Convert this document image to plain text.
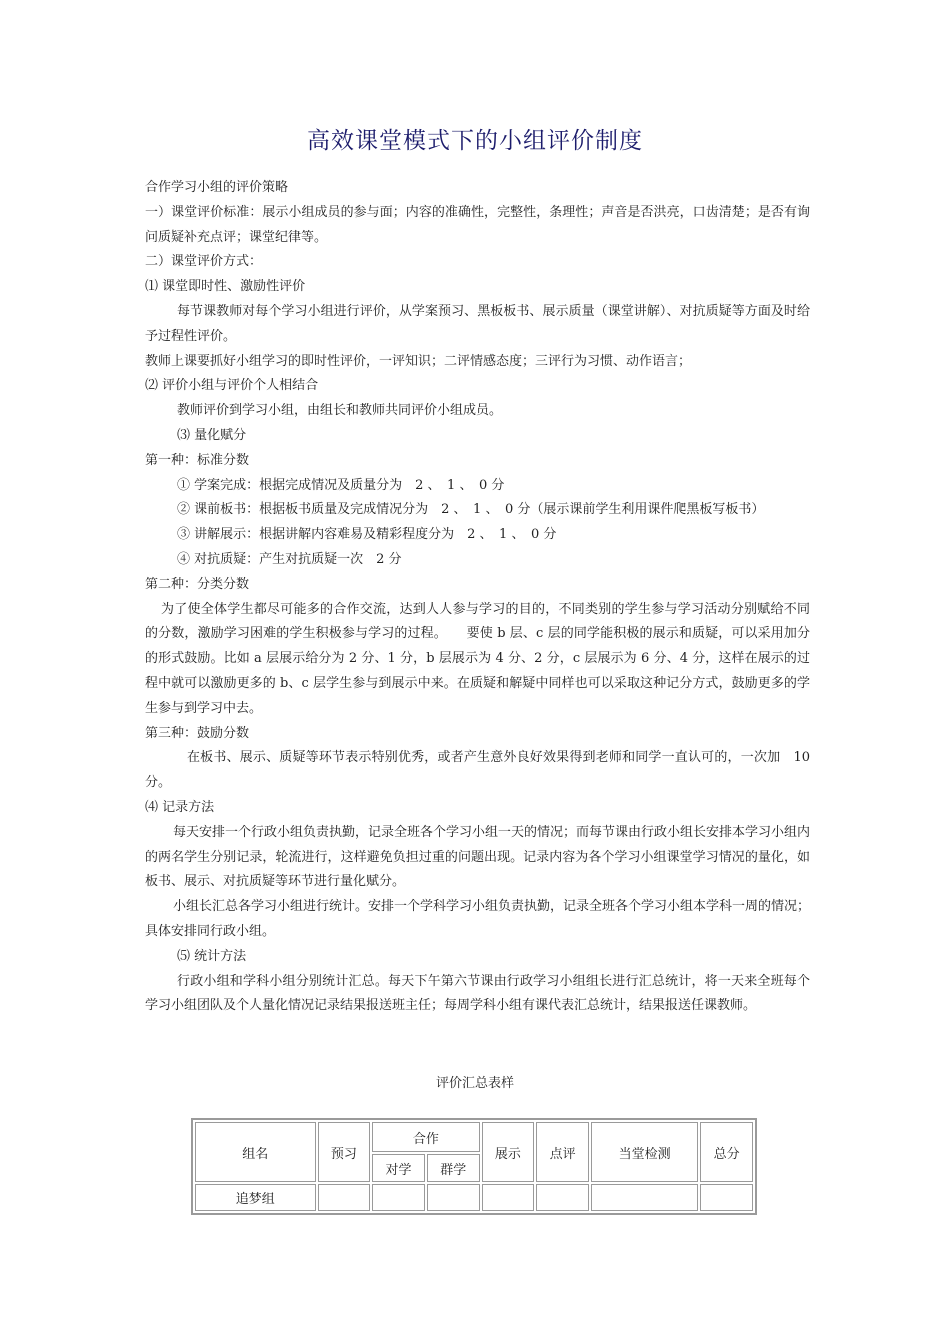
高效课堂模式下的小组评价制度

合作学习小组的评价策略

一）课堂评价标准：展示小组成员的参与面；内容的准确性，完整性，条理性；声音是否洪亮，口齿清楚；是否有询问质疑补充点评；课堂纪律等。

二）课堂评价方式：

⑴ 课堂即时性、激励性评价

每节课教师对每个学习小组进行评价，从学案预习、黑板板书、展示质量（课堂讲解）、对抗质疑等方面及时给予过程性评价。

教师上课要抓好小组学习的即时性评价，一评知识；二评情感态度；三评行为习惯、动作语言；

⑵ 评价小组与评价个人相结合

教师评价到学习小组，由组长和教师共同评价小组成员。

⑶ 量化赋分

第一种：标准分数

① 学案完成：根据完成情况及质量分为　2 、　1 、　0 分

② 课前板书：根据板书质量及完成情况分为　2 、　1 、　0 分（展示课前学生利用课件爬黑板写板书）

③ 讲解展示：根据讲解内容难易及精彩程度分为　2 、　1 、　0 分

④ 对抗质疑：产生对抗质疑一次　2 分

第二种：分类分数

为了使全体学生都尽可能多的合作交流，达到人人参与学习的目的，不同类别的学生参与学习活动分别赋给不同的分数，激励学习困难的学生积极参与学习的过程。　　要使 b 层、c 层的同学能积极的展示和质疑，可以采用加分的形式鼓励。比如 a 层展示给分为 2 分、1 分，b 层展示为 4 分、2 分，c 层展示为 6 分、4 分，这样在展示的过程中就可以激励更多的 b、c 层学生参与到展示中来。在质疑和解疑中同样也可以采取这种记分方式，鼓励更多的学生参与到学习中去。

第三种：鼓励分数

在板书、展示、质疑等环节表示特别优秀，或者产生意外良好效果得到老师和同学一直认可的，一次加　10 分。

⑷ 记录方法

每天安排一个行政小组负责执勤，记录全班各个学习小组一天的情况；而每节课由行政小组长安排本学习小组内的两名学生分别记录，轮流进行，这样避免负担过重的问题出现。记录内容为各个学习小组课堂学习情况的量化，如板书、展示、对抗质疑等环节进行量化赋分。

小组长汇总各学习小组进行统计。安排一个学科学习小组负责执勤，记录全班各个学习小组本学科一周的情况；具体安排同行政小组。

⑸ 统计方法

行政小组和学科小组分别统计汇总。每天下午第六节课由行政学习小组组长进行汇总统计，将一天来全班每个学习小组团队及个人量化情况记录结果报送班主任；每周学科小组有课代表汇总统计，结果报送任课教师。

评价汇总表样
组名	预习	合作		展示	点评	当堂检测	总分
		对学	群学				
追梦组							
